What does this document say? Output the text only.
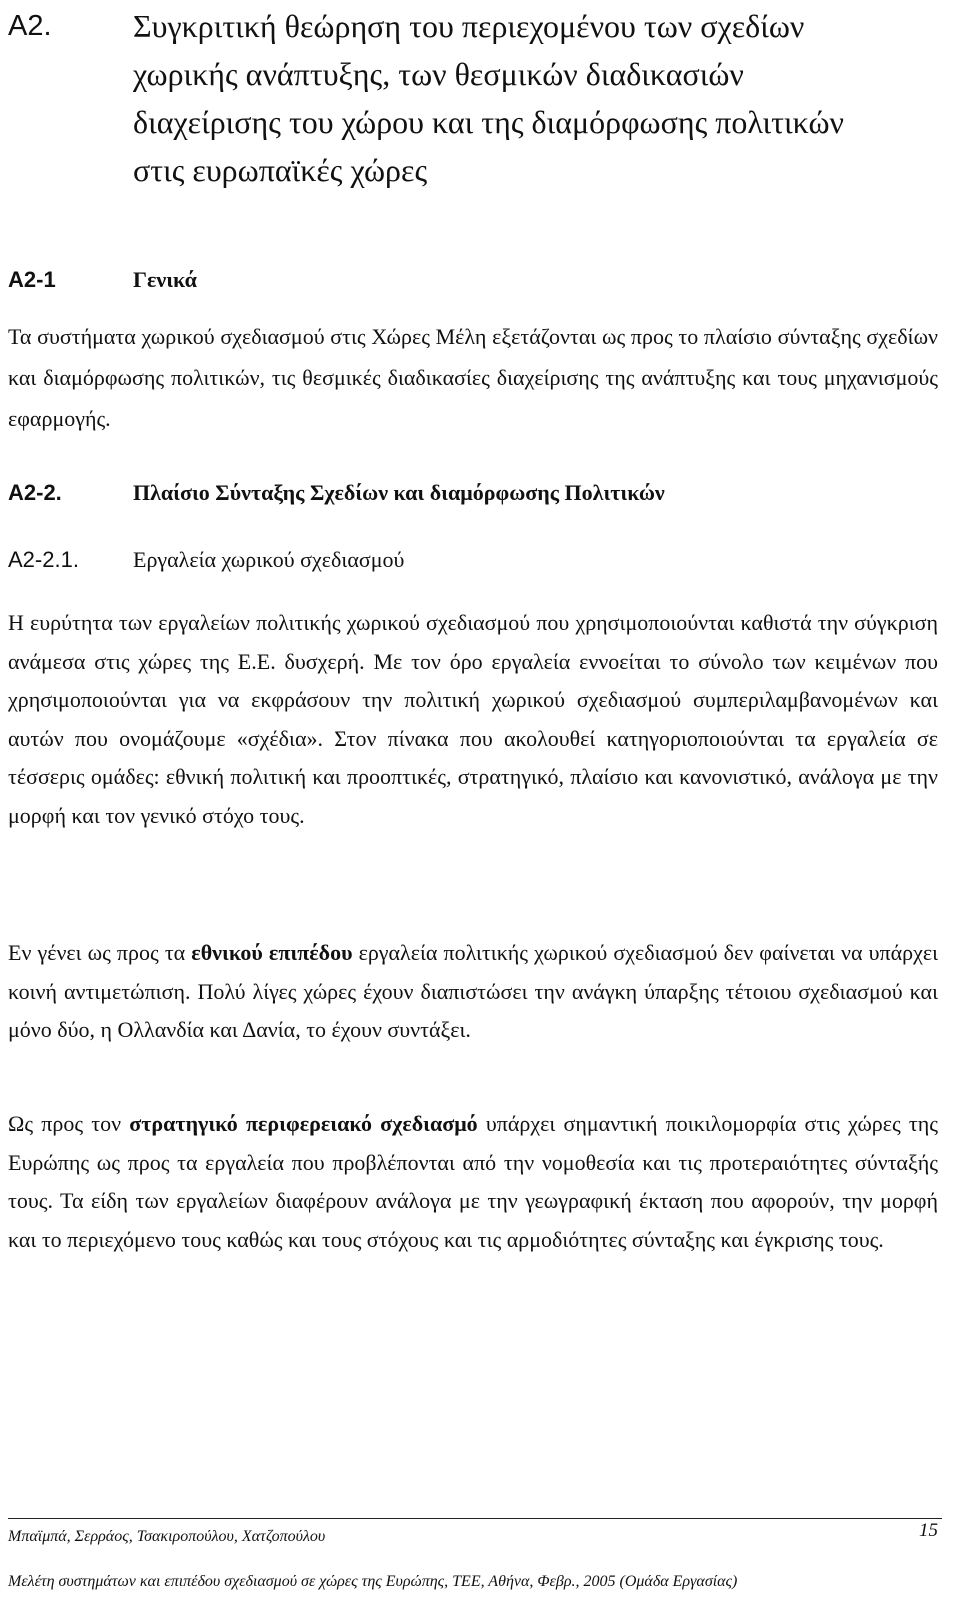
Α2.	Συγκριτική θεώρηση του περιεχομένου των σχεδίων χωρικής ανάπτυξης, των θεσμικών διαδικασιών διαχείρισης του χώρου και της διαμόρφωσης πολιτικών στις ευρωπαϊκές χώρες
Α2-1	Γενικά

Τα συστήματα χωρικού σχεδιασμού στις Χώρες Μέλη εξετάζονται ως προς το πλαίσιο σύνταξης σχεδίων και διαμόρφωσης πολιτικών, τις θεσμικές διαδικασίες διαχείρισης της ανάπτυξης και τους μηχανισμούς εφαρμογής.

Α2-2.	Πλαίσιο Σύνταξης Σχεδίων και διαμόρφωσης Πολιτικών
Α2-2.1. Εργαλεία χωρικού σχεδιασμού

Η ευρύτητα των εργαλείων πολιτικής χωρικού σχεδιασμού που χρησιμοποιούνται καθιστά την σύγκριση ανάμεσα στις χώρες της Ε.Ε. δυσχερή. Με τον όρο εργαλεία εννοείται το σύνολο των κειμένων που χρησιμοποιούνται για να εκφράσουν την πολιτική χωρικού σχεδιασμού συμπεριλαμβανομένων και αυτών που ονομάζουμε «σχέδια». Στον πίνακα που ακολουθεί κατηγοριοποιούνται τα εργαλεία σε τέσσερις ομάδες: εθνική πολιτική και προοπτικές, στρατηγικό, πλαίσιο και κανονιστικό, ανάλογα με την μορφή και τον γενικό στόχο τους.

Εν γένει ως προς τα εθνικού επιπέδου εργαλεία πολιτικής χωρικού σχεδιασμού δεν φαίνεται να υπάρχει κοινή αντιμετώπιση. Πολύ λίγες χώρες έχουν διαπιστώσει την ανάγκη ύπαρξης τέτοιου σχεδιασμού και μόνο δύο, η Ολλανδία και Δανία, το έχουν συντάξει.

Ως προς τον στρατηγικό περιφερειακό σχεδιασμό υπάρχει σημαντική ποικιλομορφία στις χώρες της Ευρώπης ως προς τα εργαλεία που προβλέπονται από την νομοθεσία και τις προτεραιότητες σύνταξής τους. Τα είδη των εργαλείων διαφέρουν ανάλογα με την γεωγραφική έκταση που αφορούν, την μορφή και το περιεχόμενο τους καθώς και τους στόχους και τις αρμοδιότητες σύνταξης και έγκρισης τους.

Μπαϊμπά, Σερράος, Τσακιροπούλου, Χατζοπούλου	15
Μελέτη συστημάτων και επιπέδου σχεδιασμού σε χώρες της Ευρώπης, ΤΕΕ, Αθήνα, Φεβρ., 2005 (Ομάδα Εργασίας)
